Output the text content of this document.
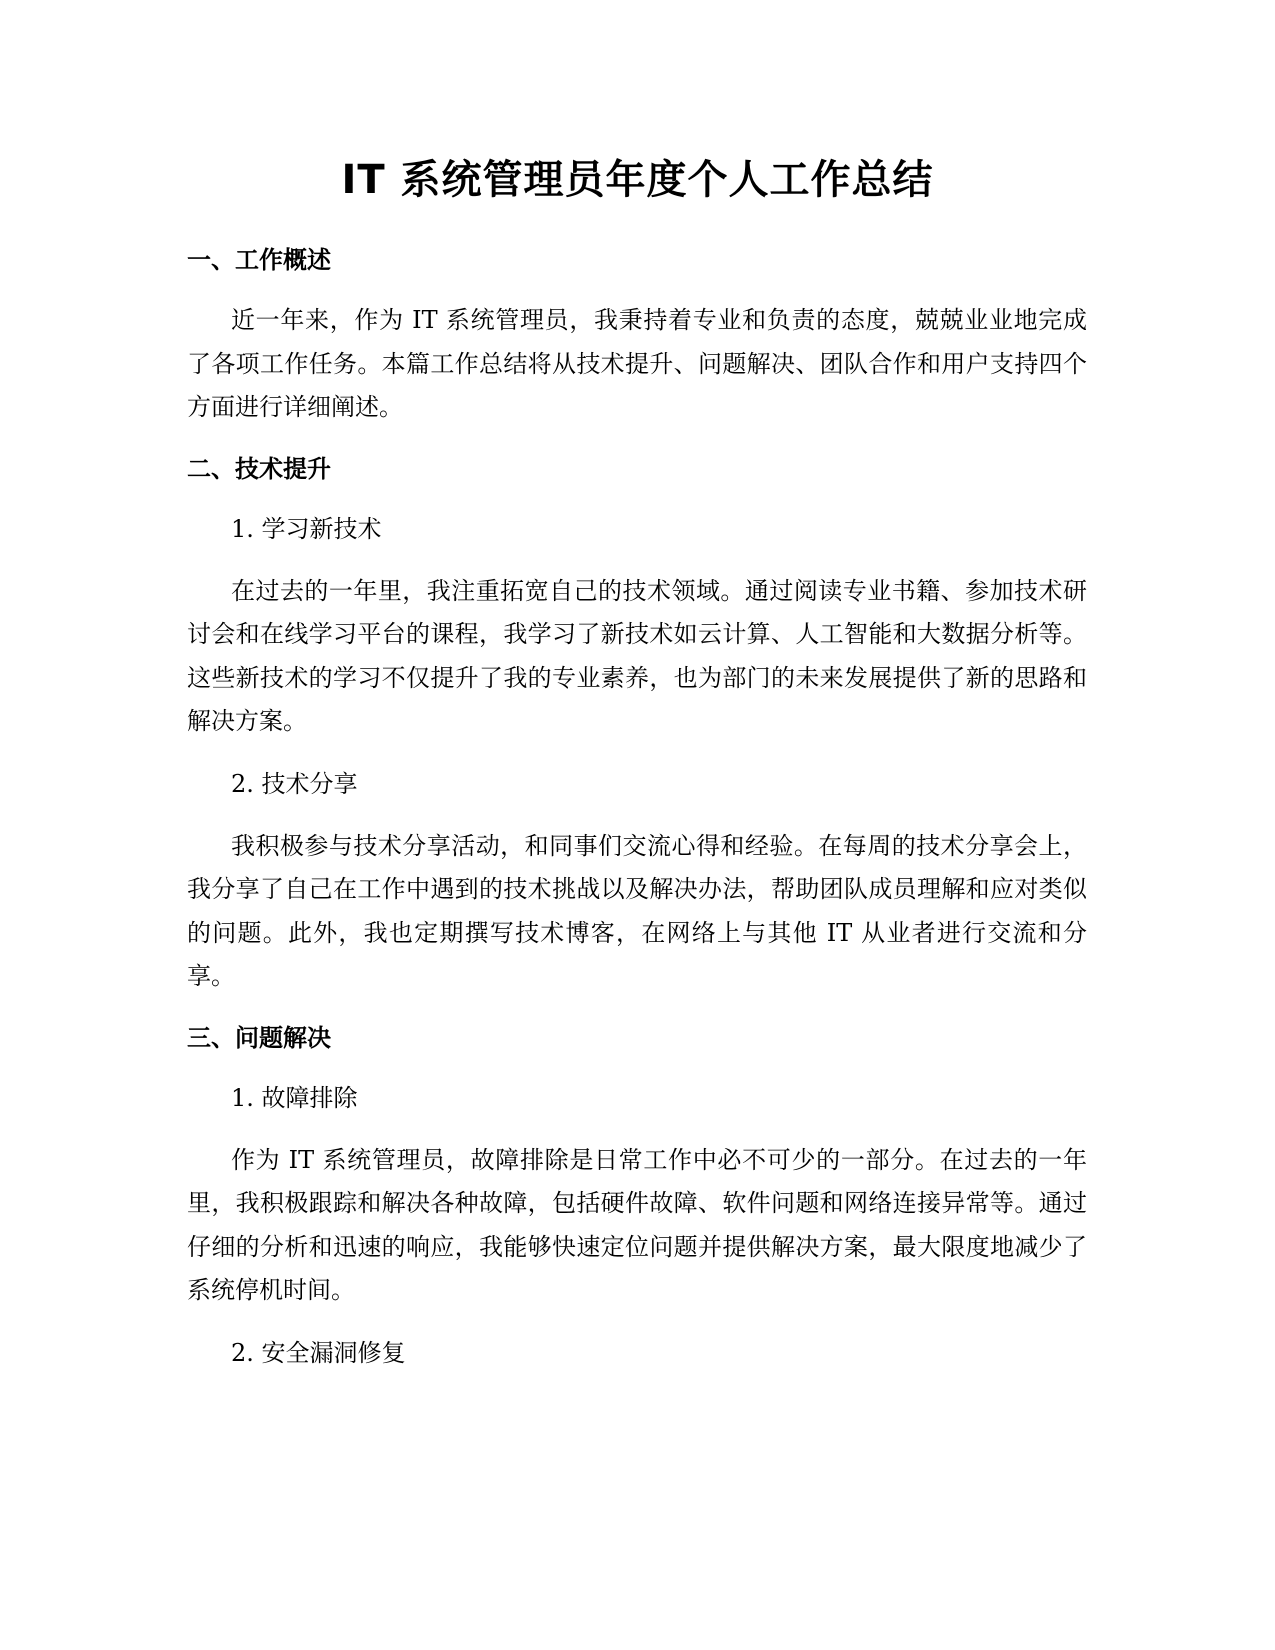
IT 系统管理员年度个人工作总结
一、工作概述

近一年来，作为 IT 系统管理员，我秉持着专业和负责的态度，兢兢业业地完成了各项工作任务。本篇工作总结将从技术提升、问题解决、团队合作和用户支持四个方面进行详细阐述。

二、技术提升
1. 学习新技术

在过去的一年里，我注重拓宽自己的技术领域。通过阅读专业书籍、参加技术研讨会和在线学习平台的课程，我学习了新技术如云计算、人工智能和大数据分析等。这些新技术的学习不仅提升了我的专业素养，也为部门的未来发展提供了新的思路和解决方案。

2. 技术分享

我积极参与技术分享活动，和同事们交流心得和经验。在每周的技术分享会上，我分享了自己在工作中遇到的技术挑战以及解决办法，帮助团队成员理解和应对类似的问题。此外，我也定期撰写技术博客，在网络上与其他 IT 从业者进行交流和分享。

三、问题解决
1. 故障排除

作为 IT 系统管理员，故障排除是日常工作中必不可少的一部分。在过去的一年里，我积极跟踪和解决各种故障，包括硬件故障、软件问题和网络连接异常等。通过仔细的分析和迅速的响应，我能够快速定位问题并提供解决方案，最大限度地减少了系统停机时间。

2. 安全漏洞修复
